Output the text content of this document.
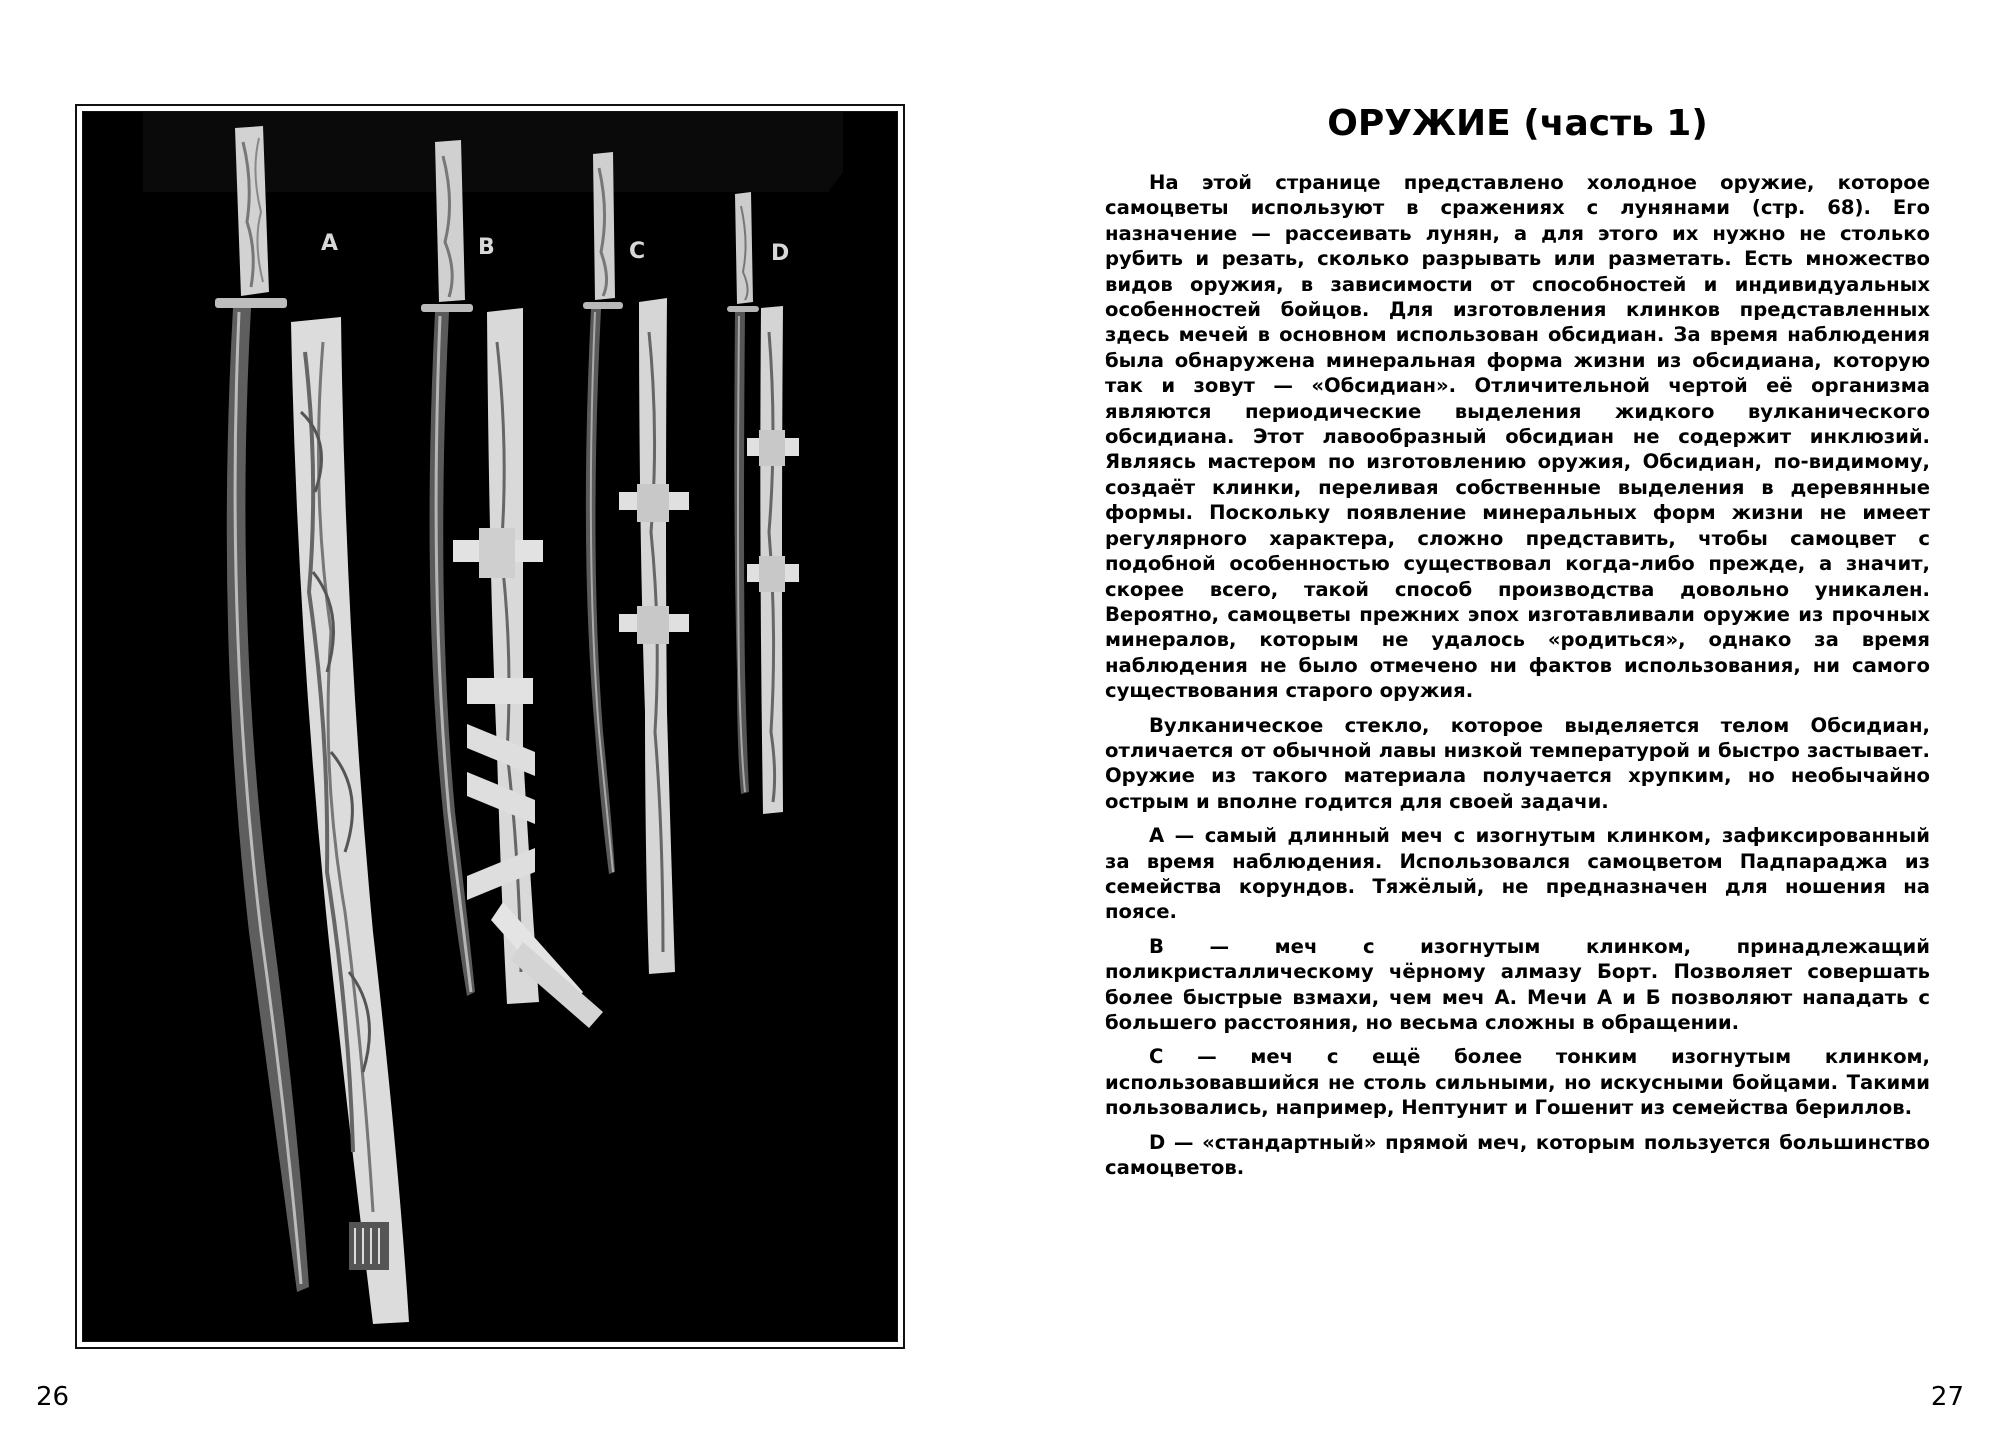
A	B	C	D
26
ОРУЖИЕ (часть 1)

На этой странице представлено холодное оружие, которое самоцветы используют в сражениях с лунянами (стр. 68). Его назначение — рассеивать лунян, а для этого их нужно не столько рубить и резать, сколько разрывать или разметать. Есть множество видов оружия, в зависимости от способностей и индивидуальных особенностей бойцов. Для изготовления клинков представленных здесь мечей в основном использован обсидиан. За время наблюдения была обнаружена минеральная форма жизни из обсидиана, которую так и зовут — «Обсидиан». Отличительной чертой её организма являются периодические выделения жидкого вулканического обсидиана. Этот лавообразный обсидиан не содержит инклюзий. Являясь мастером по изготовлению оружия, Обсидиан, по-видимому, создаёт клинки, переливая собственные выделения в деревянные формы. Поскольку появление минеральных форм жизни не имеет регулярного характера, сложно представить, чтобы самоцвет с подобной особенностью существовал когда-либо прежде, а значит, скорее всего, такой способ производства довольно уникален. Вероятно, самоцветы прежних эпох изготавливали оружие из прочных минералов, которым не удалось «родиться», однако за время наблюдения не было отмечено ни фактов использования, ни самого существования старого оружия.

Вулканическое стекло, которое выделяется телом Обсидиан, отличается от обычной лавы низкой температурой и быстро застывает. Оружие из такого материала получается хрупким, но необычайно острым и вполне годится для своей задачи.

A — самый длинный меч с изогнутым клинком, зафиксированный за время наблюдения. Использовался самоцветом Падпараджа из семейства корундов. Тяжёлый, не предназначен для ношения на поясе.

B — меч с изогнутым клинком, принадлежащий поликристаллическому чёрному алмазу Борт. Позволяет совершать более быстрые взмахи, чем меч А. Мечи А и Б позволяют нападать с большего расстояния, но весьма сложны в обращении.

C — меч с ещё более тонким изогнутым клинком, использовавшийся не столь сильными, но искусными бойцами. Такими пользовались, например, Нептунит и Гошенит из семейства бериллов.

D — «стандартный» прямой меч, которым пользуется большинство самоцветов.

27
